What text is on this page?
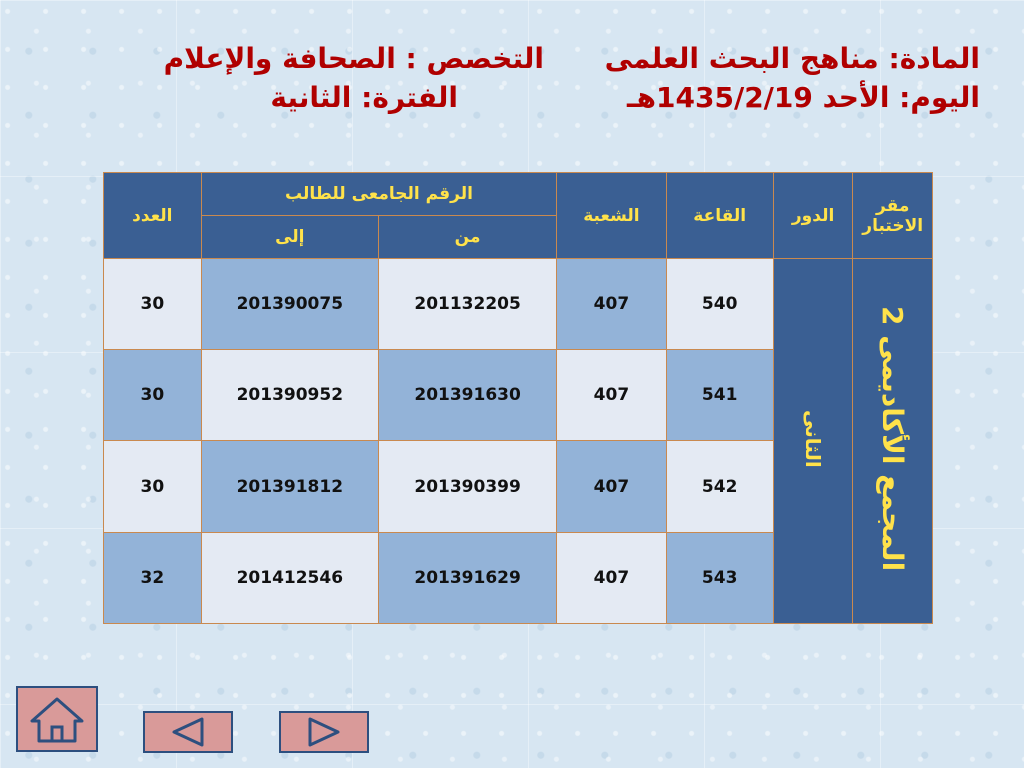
المادة: مناهج البحث العلمى
التخصص : الصحافة والإعلام
اليوم: الأحد 1435/2/19هـ
الفترة: الثانية
مقر الاختبار	الدور	القاعة	الشعبة	الرقم الجامعى للطالب		العدد
				من	إلى	
المجمع الأكاديمى 2	الثانى	540	407	201132205	201390075	30
		541	407	201391630	201390952	30
		542	407	201390399	201391812	30
		543	407	201391629	201412546	32
